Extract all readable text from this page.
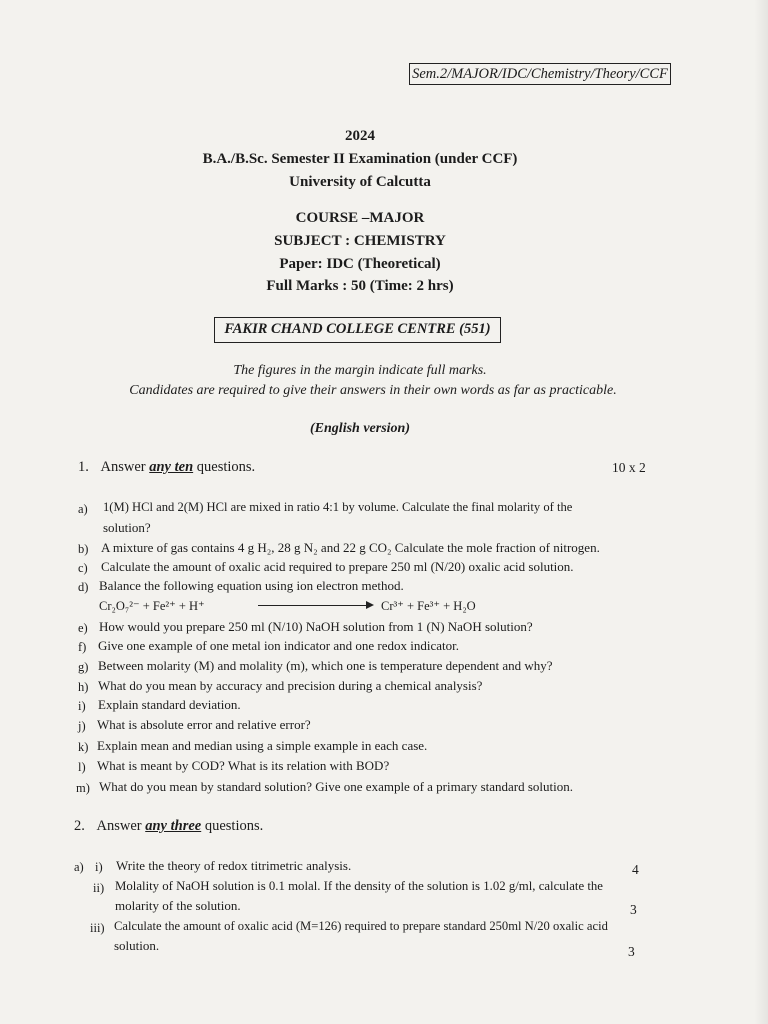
Sem.2/MAJOR/IDC/Chemistry/Theory/CCF
2024
B.A./B.Sc. Semester II Examination (under CCF)
University of Calcutta
COURSE –MAJOR
SUBJECT : CHEMISTRY
Paper: IDC (Theoretical)
Full Marks : 50 (Time: 2 hrs)
FAKIR CHAND COLLEGE CENTRE (551)
The figures in the margin indicate full marks.
Candidates are required to give their answers in their own words as far as practicable.
(English version)
1. Answer any ten questions.	10 x 2
a) 1(M) HCl and 2(M) HCl are mixed in ratio 4:1 by volume. Calculate the final molarity of the
solution?
b) A mixture of gas contains 4 g H₂, 28 g N₂ and 22 g CO₂ Calculate the mole fraction of nitrogen.
c) Calculate the amount of oxalic acid required to prepare 250 ml (N/20) oxalic acid solution.
d) Balance the following equation using ion electron method.
Cr₂O₇²⁻ + Fe²⁺ + H⁺	Cr³⁺ + Fe³⁺ + H₂O
e) How would you prepare 250 ml (N/10) NaOH solution from 1 (N) NaOH solution?
f) Give one example of one metal ion indicator and one redox indicator.
g) Between molarity (M) and molality (m), which one is temperature dependent and why?
h) What do you mean by accuracy and precision during a chemical analysis?
i) Explain standard deviation.
j) What is absolute error and relative error?
k) Explain mean and median using a simple example in each case.
l) What is meant by COD? What is its relation with BOD?
m) What do you mean by standard solution? Give one example of a primary standard solution.
2. Answer any three questions.
a) i) Write the theory of redox titrimetric analysis.	4
ii) Molality of NaOH solution is 0.1 molal. If the density of the solution is 1.02 g/ml, calculate the
molarity of the solution.	3
iii) Calculate the amount of oxalic acid (M=126) required to prepare standard 250ml N/20 oxalic acid
solution.	3
